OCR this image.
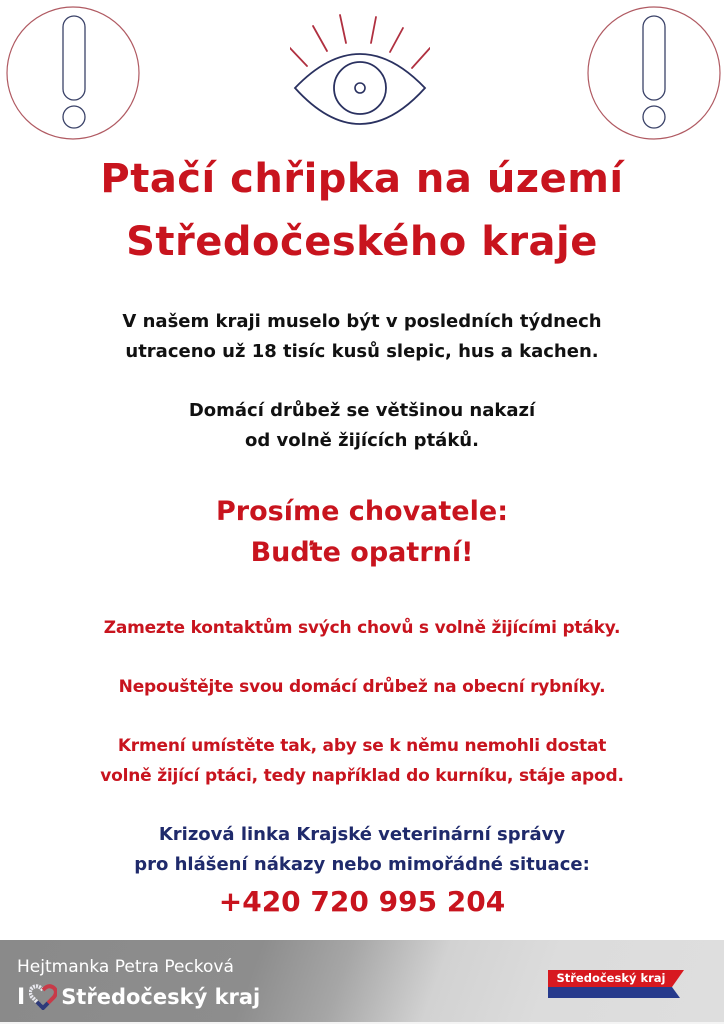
Ptačí chřipka na území
Středočeského kraje
V našem kraji muselo být v posledních týdnech
utraceno už 18 tisíc kusů slepic, hus a kachen.
Domácí drůbež se většinou nakazí
od volně žijících ptáků.
Prosíme chovatele:
Buďte opatrní!
Zamezte kontaktům svých chovů s volně žijícími ptáky.
Nepouštějte svou domácí drůbež na obecní rybníky.
Krmení umístěte tak, aby se k němu nemohli dostat
volně žijící ptáci, tedy například do kurníku, stáje apod.
Krizová linka Krajské veterinární správy
pro hlášení nákazy nebo mimořádné situace:
+420 720 995 204
Hejtmanka Petra Pecková
I Středočeský kraj
Středočeský kraj
